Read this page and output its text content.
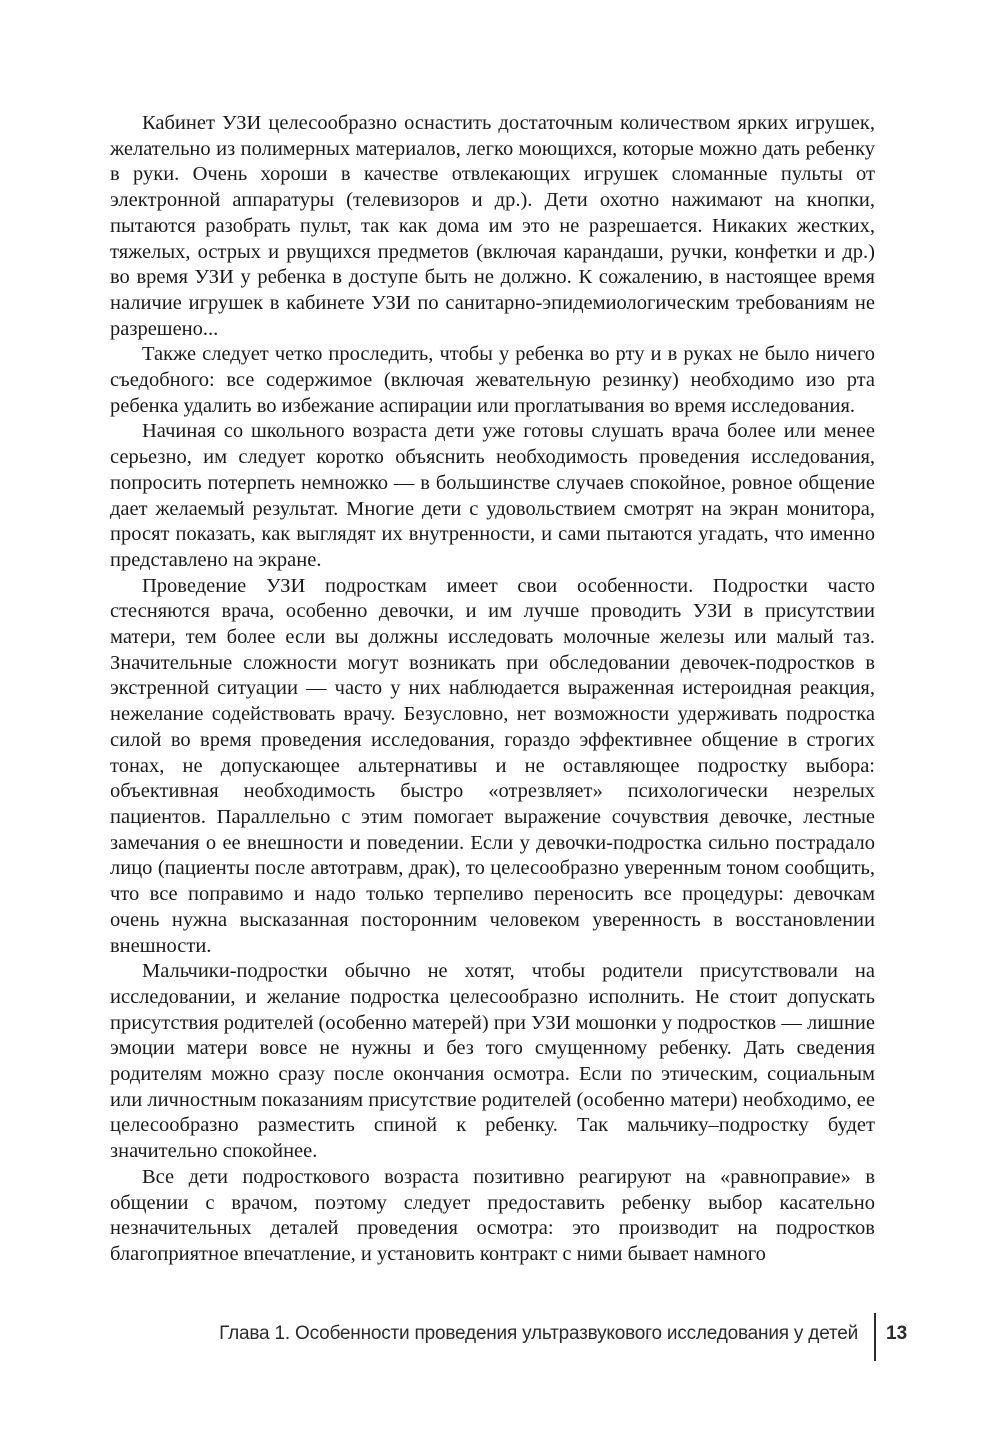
Кабинет УЗИ целесообразно оснастить достаточным количеством ярких игрушек, желательно из полимерных материалов, легко моющихся, которые можно дать ребенку в руки. Очень хороши в качестве отвлекающих игрушек сломанные пульты от электронной аппаратуры (телевизоров и др.). Дети охотно нажимают на кнопки, пытаются разобрать пульт, так как дома им это не разрешается. Никаких жестких, тяжелых, острых и рвущихся предметов (включая карандаши, ручки, конфетки и др.) во время УЗИ у ребенка в доступе быть не должно. К сожалению, в настоящее время наличие игрушек в кабинете УЗИ по санитарно-эпидемиологическим требованиям не разрешено...

Также следует четко проследить, чтобы у ребенка во рту и в руках не было ничего съедобного: все содержимое (включая жевательную резинку) необходимо изо рта ребенка удалить во избежание аспирации или проглатывания во время исследования.

Начиная со школьного возраста дети уже готовы слушать врача более или менее серьезно, им следует коротко объяснить необходимость проведения исследования, попросить потерпеть немножко — в большинстве случаев спокойное, ровное общение дает желаемый результат. Многие дети с удовольствием смотрят на экран монитора, просят показать, как выглядят их внутренности, и сами пытаются угадать, что именно представлено на экране.

Проведение УЗИ подросткам имеет свои особенности. Подростки часто стесняются врача, особенно девочки, и им лучше проводить УЗИ в присутствии матери, тем более если вы должны исследовать молочные железы или малый таз. Значительные сложности могут возникать при обследовании девочек-подростков в экстренной ситуации — часто у них наблюдается выраженная истероидная реакция, нежелание содействовать врачу. Безусловно, нет возможности удерживать подростка силой во время проведения исследования, гораздо эффективнее общение в строгих тонах, не допускающее альтернативы и не оставляющее подростку выбора: объективная необходимость быстро «отрезвляет» психологически незрелых пациентов. Параллельно с этим помогает выражение сочувствия девочке, лестные замечания о ее внешности и поведении. Если у девочки-подростка сильно пострадало лицо (пациенты после автотравм, драк), то целесообразно уверенным тоном сообщить, что все поправимо и надо только терпеливо переносить все процедуры: девочкам очень нужна высказанная посторонним человеком уверенность в восстановлении внешности.

Мальчики-подростки обычно не хотят, чтобы родители присутствовали на исследовании, и желание подростка целесообразно исполнить. Не стоит допускать присутствия родителей (особенно матерей) при УЗИ мошонки у подростков — лишние эмоции матери вовсе не нужны и без того смущенному ребенку. Дать сведения родителям можно сразу после окончания осмотра. Если по этическим, социальным или личностным показаниям присутствие родителей (особенно матери) необходимо, ее целесообразно разместить спиной к ребенку. Так мальчику–подростку будет значительно спокойнее.

Все дети подросткового возраста позитивно реагируют на «равноправие» в общении с врачом, поэтому следует предоставить ребенку выбор касательно незначительных деталей проведения осмотра: это производит на подростков благоприятное впечатление, и установить контракт с ними бывает намного

Глава 1. Особенности проведения ультразвукового исследования у детей 13
